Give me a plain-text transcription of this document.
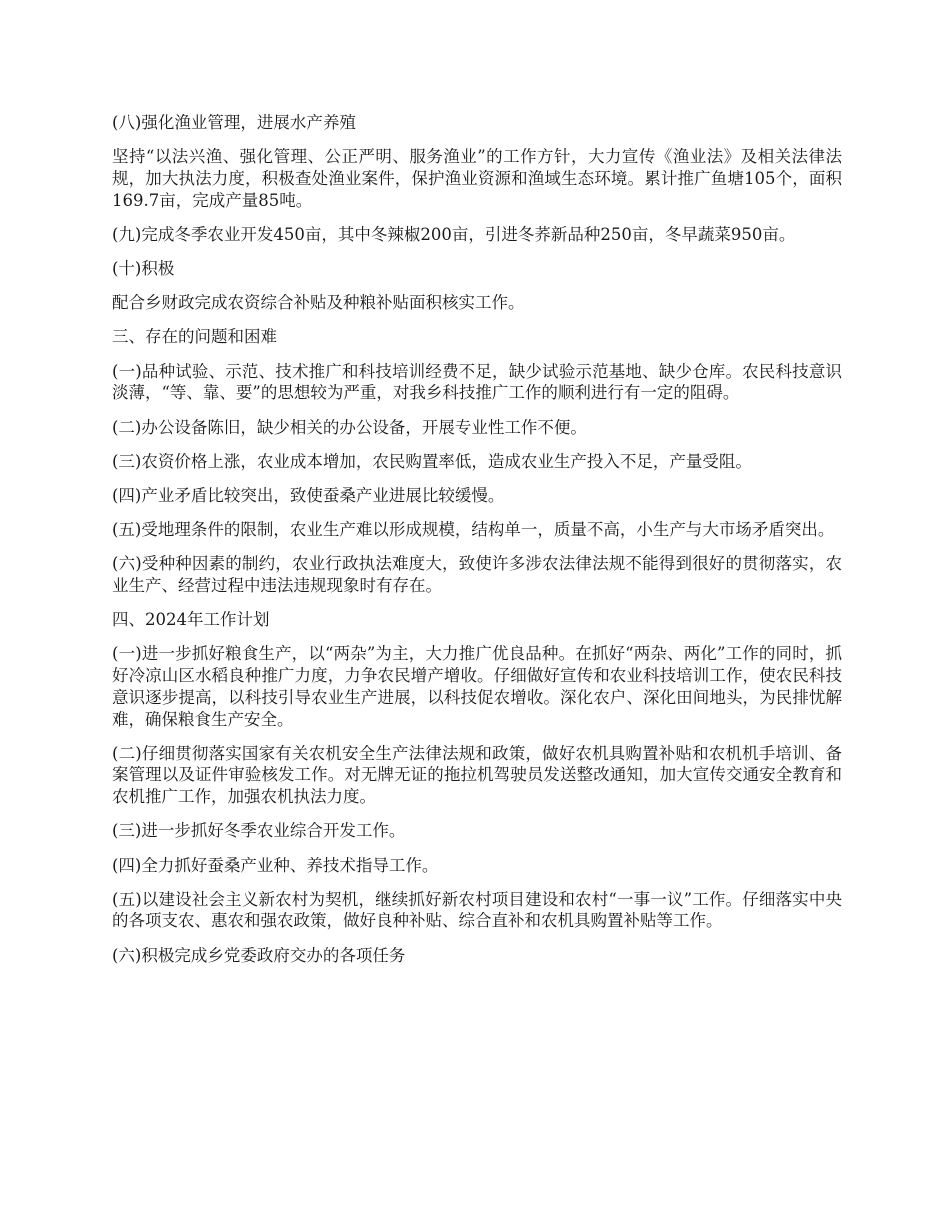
(八)强化渔业管理，进展水产养殖

坚持“以法兴渔、强化管理、公正严明、服务渔业”的工作方针，大力宣传《渔业法》及相关法律法规，加大执法力度，积极查处渔业案件，保护渔业资源和渔域生态环境。累计推广鱼塘105个，面积169.7亩，完成产量85吨。

(九)完成冬季农业开发450亩，其中冬辣椒200亩，引进冬荞新品种250亩，冬早蔬菜950亩。

(十)积极

配合乡财政完成农资综合补贴及种粮补贴面积核实工作。

三、存在的问题和困难

(一)品种试验、示范、技术推广和科技培训经费不足，缺少试验示范基地、缺少仓库。农民科技意识淡薄，“等、靠、要”的思想较为严重，对我乡科技推广工作的顺利进行有一定的阻碍。

(二)办公设备陈旧，缺少相关的办公设备，开展专业性工作不便。

(三)农资价格上涨，农业成本增加，农民购置率低，造成农业生产投入不足，产量受阻。

(四)产业矛盾比较突出，致使蚕桑产业进展比较缓慢。

(五)受地理条件的限制，农业生产难以形成规模，结构单一，质量不高，小生产与大市场矛盾突出。

(六)受种种因素的制约，农业行政执法难度大，致使许多涉农法律法规不能得到很好的贯彻落实，农业生产、经营过程中违法违规现象时有存在。

四、2024年工作计划

(一)进一步抓好粮食生产，以“两杂”为主，大力推广优良品种。在抓好“两杂、两化”工作的同时，抓好冷凉山区水稻良种推广力度，力争农民增产增收。仔细做好宣传和农业科技培训工作，使农民科技意识逐步提高，以科技引导农业生产进展，以科技促农增收。深化农户、深化田间地头，为民排忧解难，确保粮食生产安全。

(二)仔细贯彻落实国家有关农机安全生产法律法规和政策，做好农机具购置补贴和农机机手培训、备案管理以及证件审验核发工作。对无牌无证的拖拉机驾驶员发送整改通知，加大宣传交通安全教育和农机推广工作，加强农机执法力度。

(三)进一步抓好冬季农业综合开发工作。

(四)全力抓好蚕桑产业种、养技术指导工作。

(五)以建设社会主义新农村为契机，继续抓好新农村项目建设和农村“一事一议”工作。仔细落实中央的各项支农、惠农和强农政策，做好良种补贴、综合直补和农机具购置补贴等工作。

(六)积极完成乡党委政府交办的各项任务
